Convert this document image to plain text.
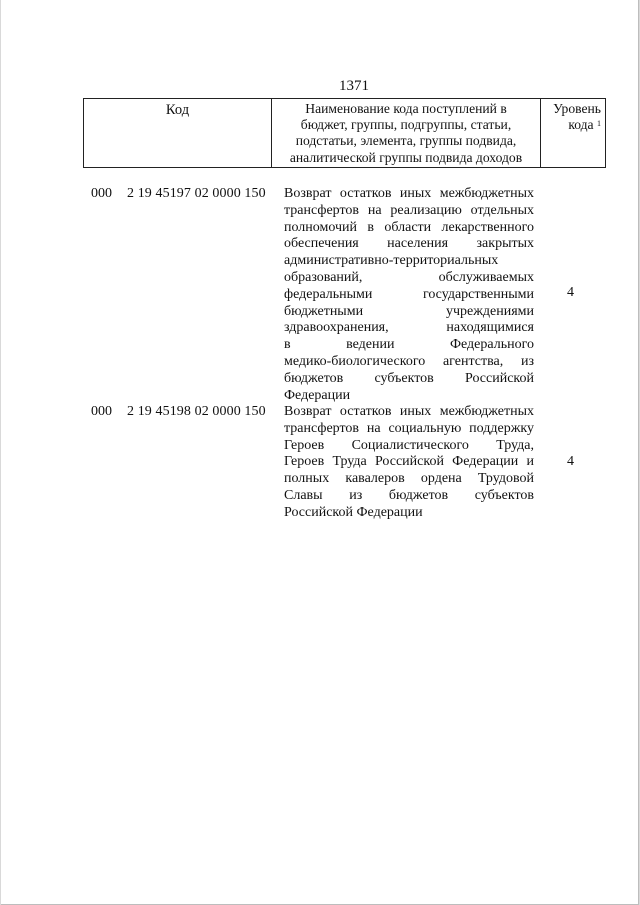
1371
Код	Наименование кода поступлений в
бюджет, группы, подгруппы, статьи,
подстатьи, элемента, группы подвида,
аналитической группы подвида доходов
Уровень
кода $^1$
000 2 19 45197 02 0000 150 Возврат остатков иных межбюджетных
трансфертов на реализацию отдельных
полномочий в области лекарственного
обеспечения населения закрытых
административно-территориальных
образований, обслуживаемых
федеральными государственными
бюджетными учреждениями
здравоохранения, находящимися
в ведении Федерального
медико-биологического агентства, из
бюджетов субъектов Российской
Федерации
4
000 2 19 45198 02 0000 150 Возврат остатков иных межбюджетных
трансфертов на социальную поддержку
Героев Социалистического Труда,
Героев Труда Российской Федерации и
полных кавалеров ордена Трудовой
Славы из бюджетов субъектов
Российской Федерации
4
